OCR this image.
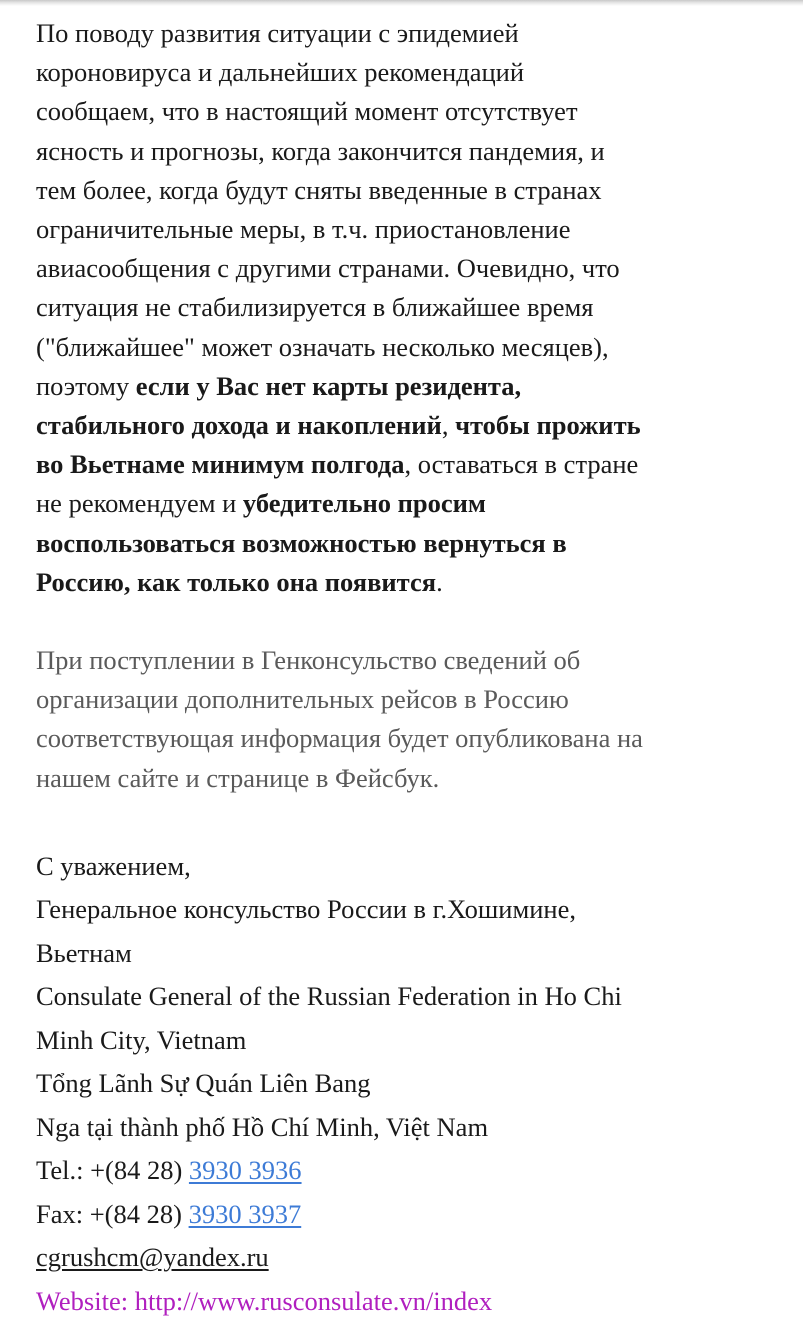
По поводу развития ситуации с эпидемией
короновируса и дальнейших рекомендаций
сообщаем, что в настоящий момент отсутствует
ясность и прогнозы, когда закончится пандемия, и
тем более, когда будут сняты введенные в странах
ограничительные меры, в т.ч. приостановление
авиасообщения с другими странами. Очевидно, что
ситуация не стабилизируется в ближайшее время
("ближайшее" может означать несколько месяцев),
поэтому если у Вас нет карты резидента,
стабильного дохода и накоплений, чтобы прожить
во Вьетнаме минимум полгода, оставаться в стране
не рекомендуем и убедительно просим
воспользоваться возможностью вернуться в
Россию, как только она появится.

При поступлении в Генконсульство сведений об
организации дополнительных рейсов в Россию
соответствующая информация будет опубликована на
нашем сайте и странице в Фейсбук.

С уважением,
Генеральное консульство России в г.Хошимине,
Вьетнам
Consulate General of the Russian Federation in Ho Chi
Minh City, Vietnam
Tổng Lãnh Sự Quán Liên Bang
Nga tại thành phố Hồ Chí Minh, Việt Nam
Tel.: +(84 28) 3930 3936
Fax: +(84 28) 3930 3937
cgrushcm@yandex.ru
Website: http://www.rusconsulate.vn/index
